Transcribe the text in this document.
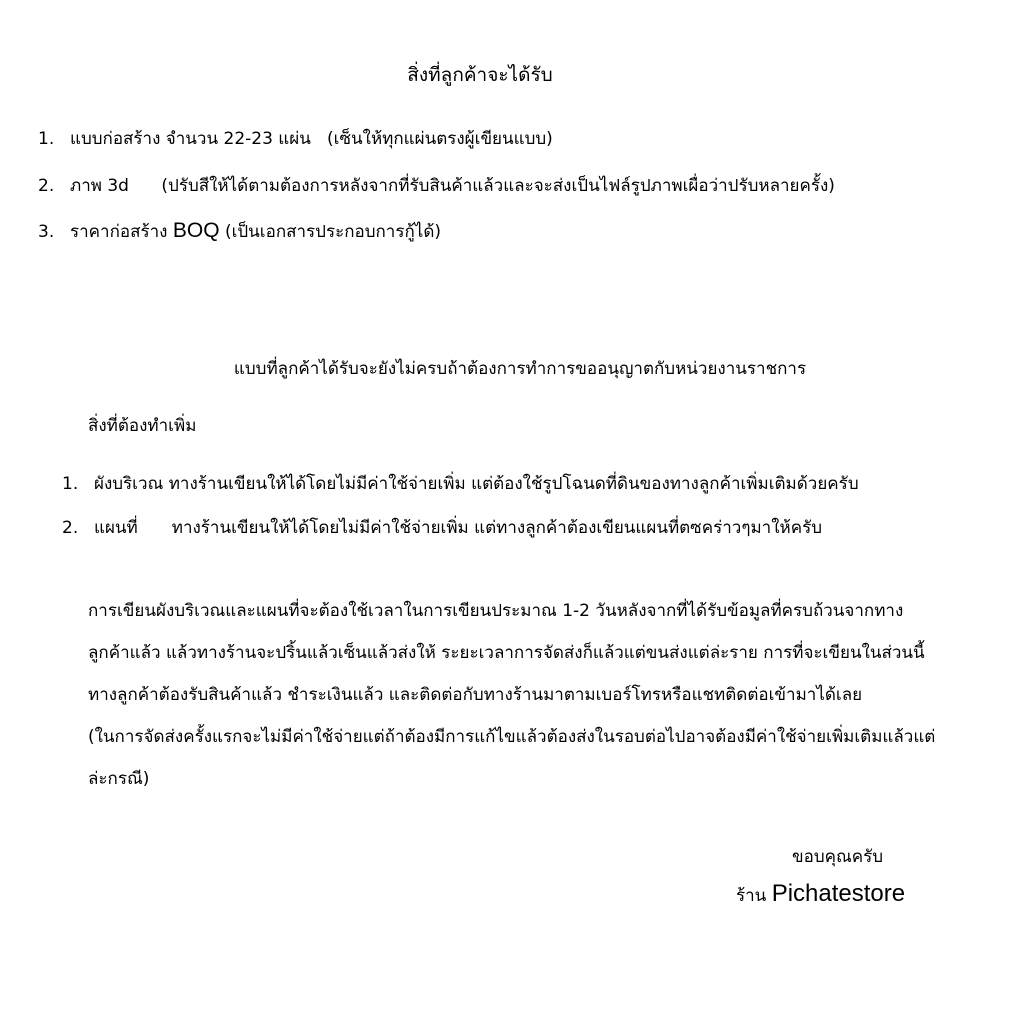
สิ่งที่ลูกค้าจะได้รับ
1. แบบก่อสร้าง จำนวน 22-23 แผ่น   (เซ็นให้ทุกแผ่นตรงผู้เขียนแบบ)
2. ภาพ 3d      (ปรับสีให้ได้ตามต้องการหลังจากที่รับสินค้าแล้วและจะส่งเป็นไฟล์รูปภาพเผื่อว่าปรับหลายครั้ง)
3. ราคาก่อสร้าง BOQ (เป็นเอกสารประกอบการกู้ได้)
แบบที่ลูกค้าได้รับจะยังไม่ครบถ้าต้องการทำการขออนุญาตกับหน่วยงานราชการ
สิ่งที่ต้องทำเพิ่ม
1. ผังบริเวณ ทางร้านเขียนให้ได้โดยไม่มีค่าใช้จ่ายเพิ่ม แต่ต้องใช้รูปโฉนดที่ดินของทางลูกค้าเพิ่มเติมด้วยครับ
2. แผนที่ ทางร้านเขียนให้ได้โดยไม่มีค่าใช้จ่ายเพิ่ม แต่ทางลูกค้าต้องเขียนแผนที่ตซคร่าวๆมาให้ครับ
การเขียนผังบริเวณและแผนที่จะต้องใช้เวลาในการเขียนประมาณ 1-2 วันหลังจากที่ได้รับข้อมูลที่ครบถ้วนจากทาง
ลูกค้าแล้ว แล้วทางร้านจะปริ้นแล้วเซ็นแล้วส่งให้ ระยะเวลาการจัดส่งก็แล้วแต่ขนส่งแต่ล่ะราย การที่จะเขียนในส่วนนี้
ทางลูกค้าต้องรับสินค้าแล้ว ชำระเงินแล้ว และติดต่อกับทางร้านมาตามเบอร์โทรหรือแชทติดต่อเข้ามาได้เลย
(ในการจัดส่งครั้งแรกจะไม่มีค่าใช้จ่ายแต่ถ้าต้องมีการแก้ไขแล้วต้องส่งในรอบต่อไปอาจต้องมีค่าใช้จ่ายเพิ่มเติมแล้วแต่
ล่ะกรณี)
ขอบคุณครับ
ร้าน Pichatestore
